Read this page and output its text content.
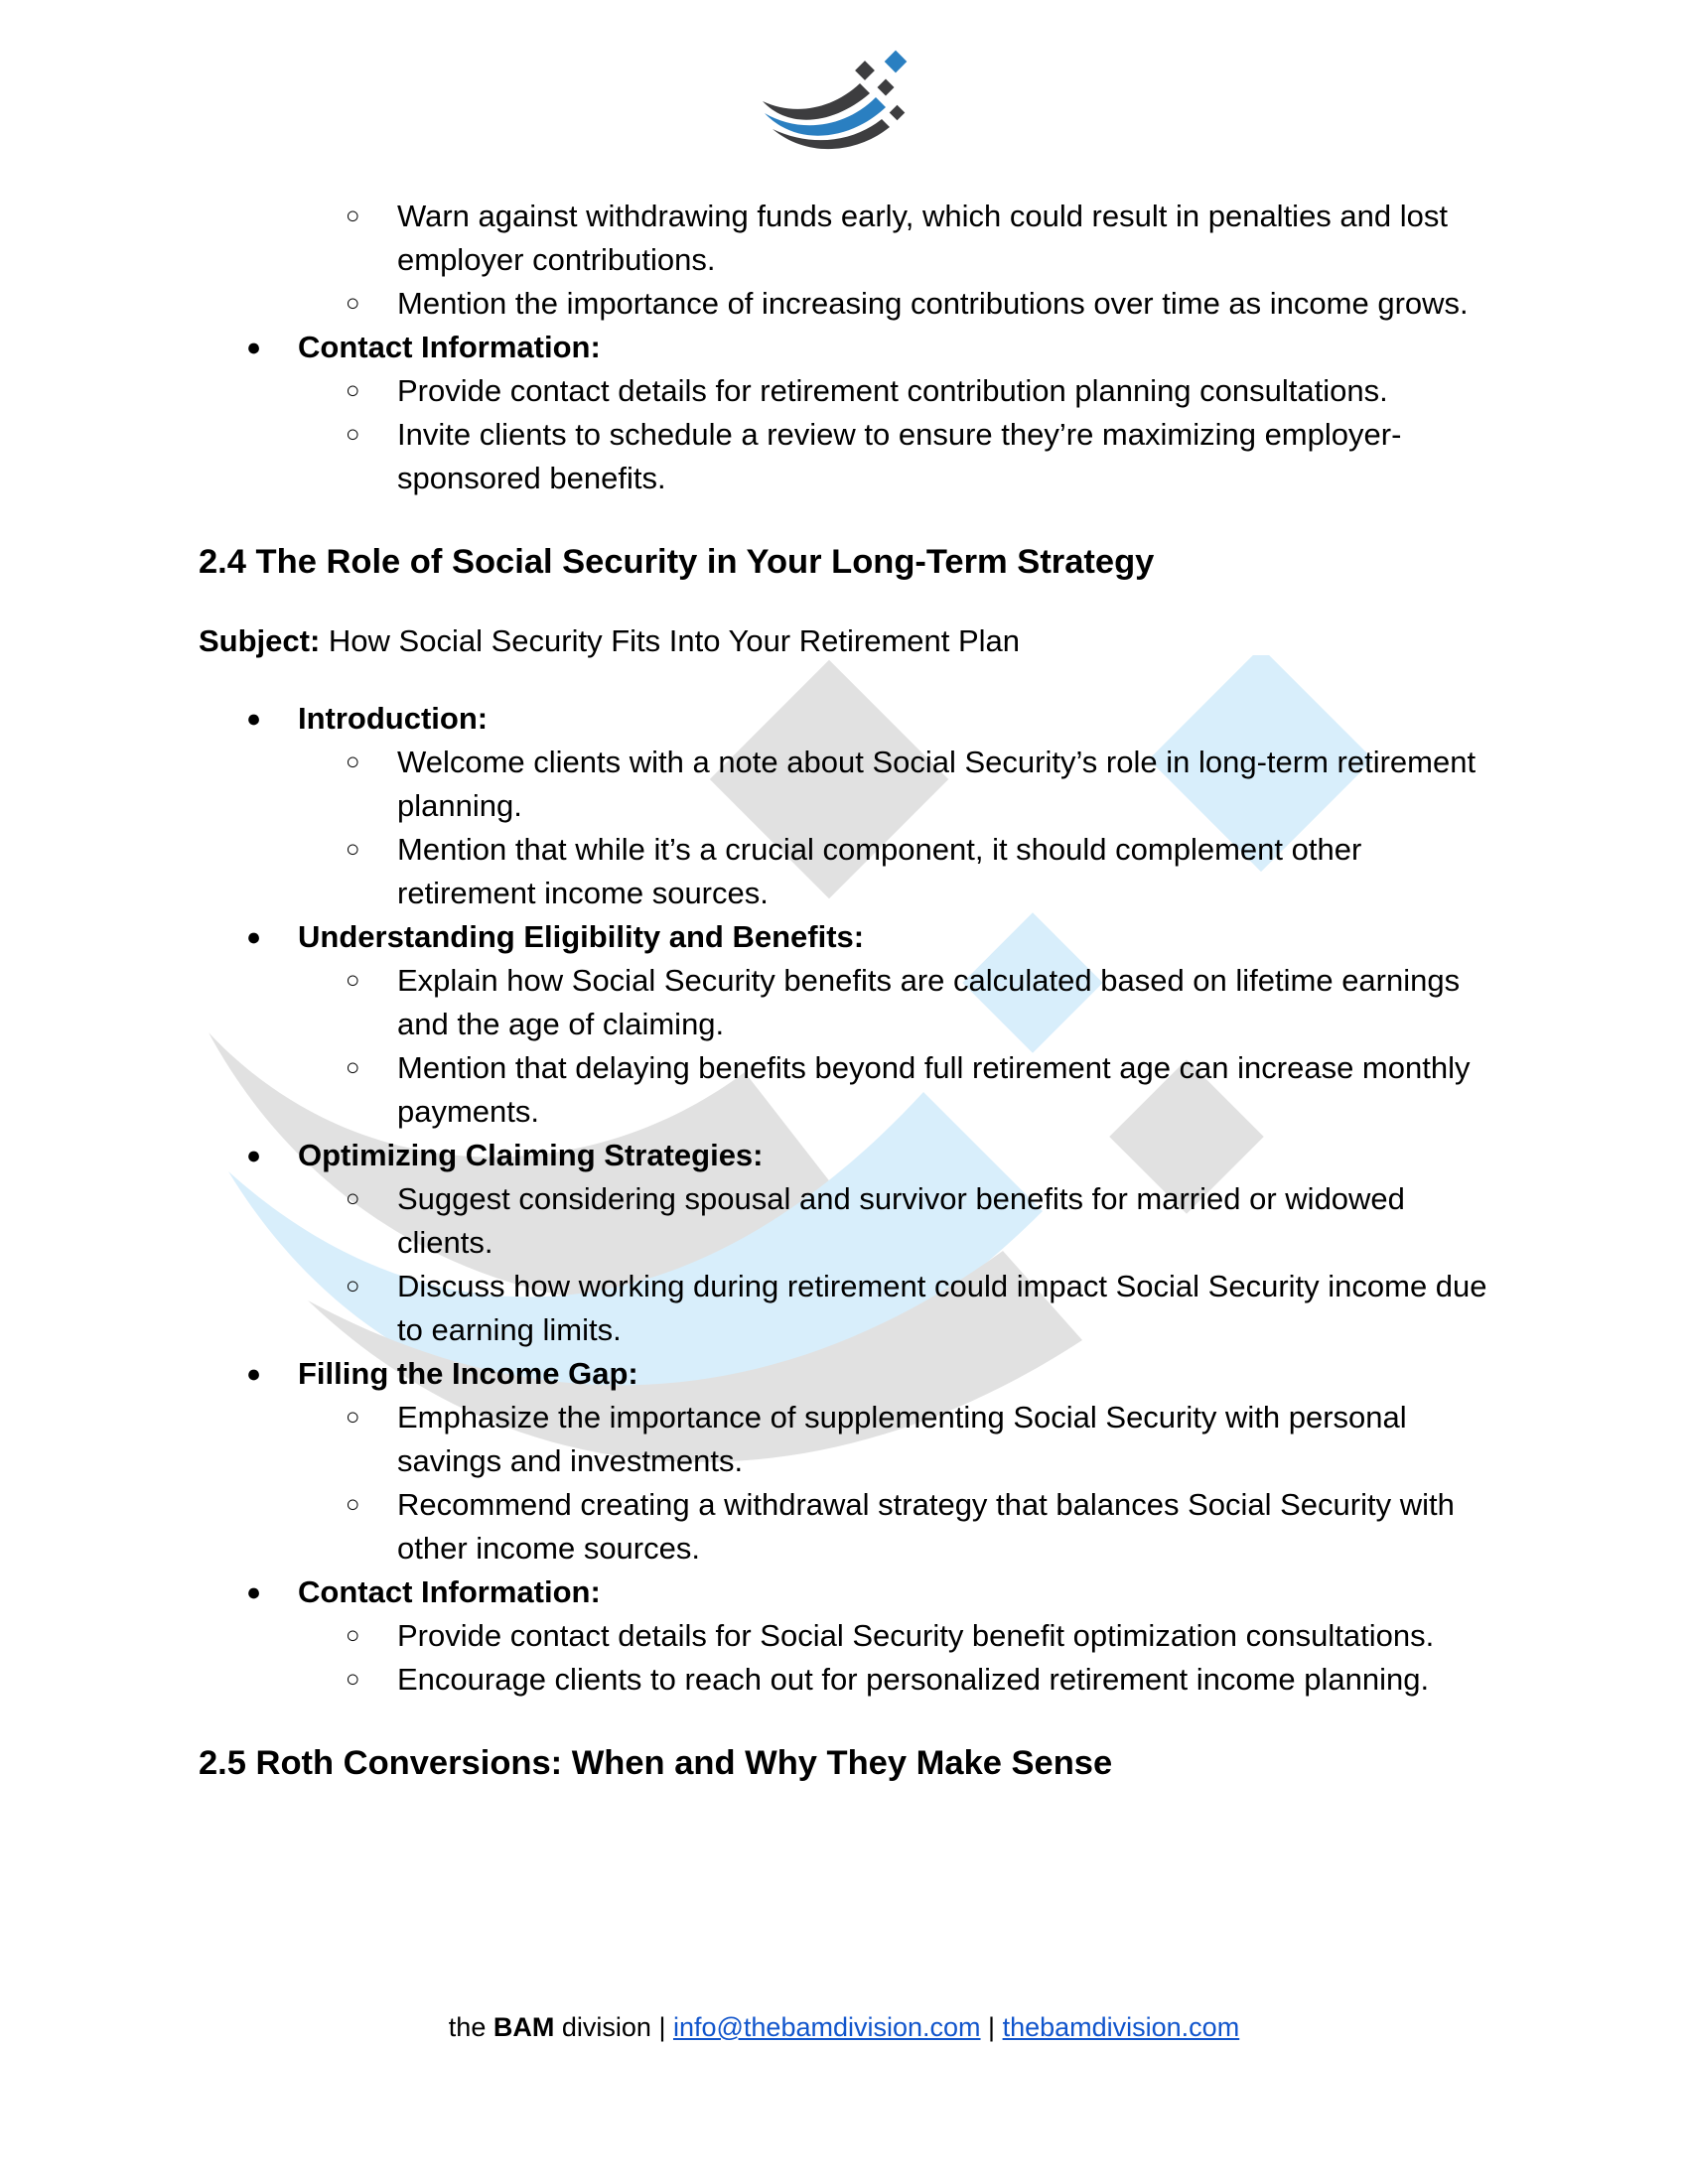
○ Warn against withdrawing funds early, which could result in penalties and lost employer contributions.
○ Mention the importance of increasing contributions over time as income grows.
● Contact Information:
○ Provide contact details for retirement contribution planning consultations.
○ Invite clients to schedule a review to ensure they’re maximizing employer-sponsored benefits.
2.4 The Role of Social Security in Your Long-Term Strategy

Subject: How Social Security Fits Into Your Retirement Plan

● Introduction:
○ Welcome clients with a note about Social Security’s role in long-term retirement planning.
○ Mention that while it’s a crucial component, it should complement other retirement income sources.
● Understanding Eligibility and Benefits:
○ Explain how Social Security benefits are calculated based on lifetime earnings and the age of claiming.
○ Mention that delaying benefits beyond full retirement age can increase monthly payments.
● Optimizing Claiming Strategies:
○ Suggest considering spousal and survivor benefits for married or widowed clients.
○ Discuss how working during retirement could impact Social Security income due to earning limits.
● Filling the Income Gap:
○ Emphasize the importance of supplementing Social Security with personal savings and investments.
○ Recommend creating a withdrawal strategy that balances Social Security with other income sources.
● Contact Information:
○ Provide contact details for Social Security benefit optimization consultations.
○ Encourage clients to reach out for personalized retirement income planning.
2.5 Roth Conversions: When and Why They Make Sense
the BAM division | info@thebamdivision.com | thebamdivision.com
